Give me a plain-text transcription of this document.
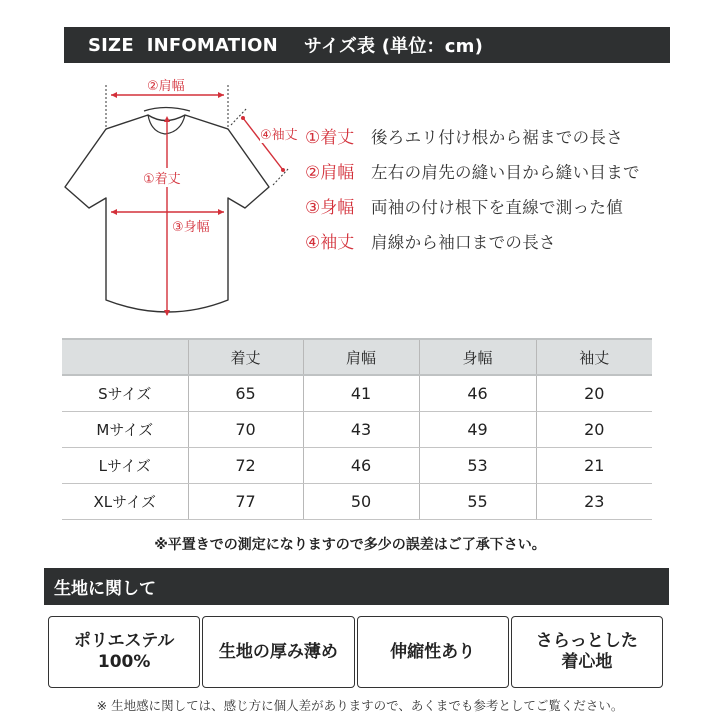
SIZE  INFOMATION サイズ表 (単位：cm)
②肩幅
①着丈
③身幅
④袖丈 ①着丈	後ろエリ付け根から裾までの長さ
②肩幅	左右の肩先の縫い目から縫い目まで
③身幅	両袖の付け根下を直線で測った値
④袖丈	肩線から袖口までの長さ
	着丈	肩幅	身幅	袖丈
Sサイズ	65	41	46	20
Mサイズ	70	43	49	20
Lサイズ	72	46	53	21
XLサイズ	77	50	55	23
※平置きでの測定になりますので多少の誤差はご了承下さい。
生地に関して
ポリエステル
100%
生地の厚み薄め	伸縮性あり
さらっとした
着心地
※ 生地感に関しては、感じ方に個人差がありますので、あくまでも参考としてご覧ください。
